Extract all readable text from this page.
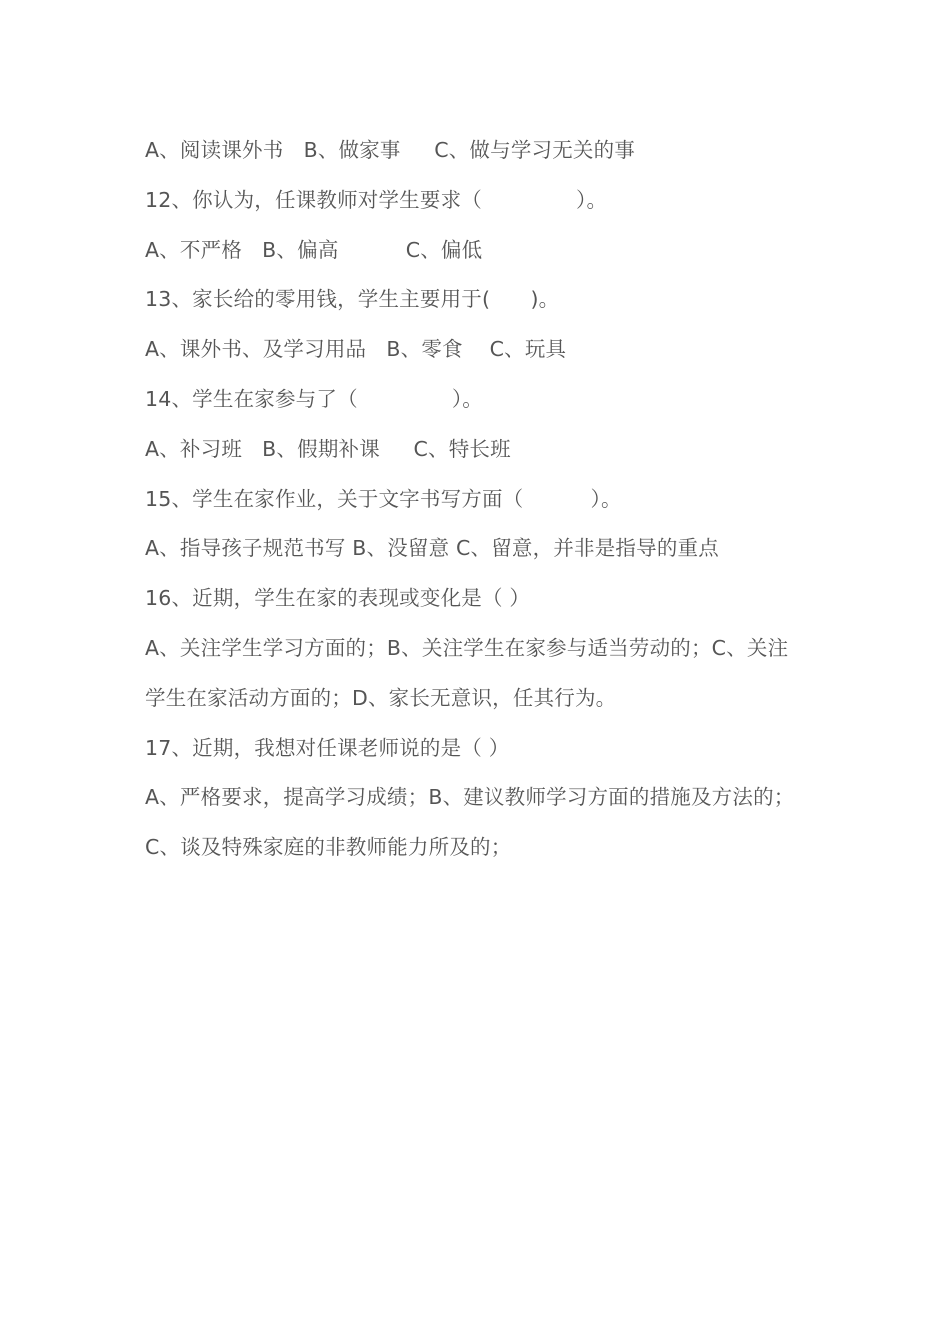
A、阅读课外书   B、做家事     C、做与学习无关的事
12、你认为，任课教师对学生要求（              ）。
A、不严格   B、偏高          C、偏低
13、家长给的零用钱，学生主要用于(      )。
A、课外书、及学习用品   B、零食    C、玩具
14、学生在家参与了（              ）。
A、补习班   B、假期补课     C、特长班
15、学生在家作业，关于文字书写方面（          ）。
A、指导孩子规范书写 B、没留意 C、留意，并非是指导的重点
16、近期，学生在家的表现或变化是（ ）
A、关注学生学习方面的；B、关注学生在家参与适当劳动的；C、关注
学生在家活动方面的；D、家长无意识，任其行为。
17、近期，我想对任课老师说的是（ ）
A、严格要求，提高学习成绩；B、建议教师学习方面的措施及方法的；
C、谈及特殊家庭的非教师能力所及的；
